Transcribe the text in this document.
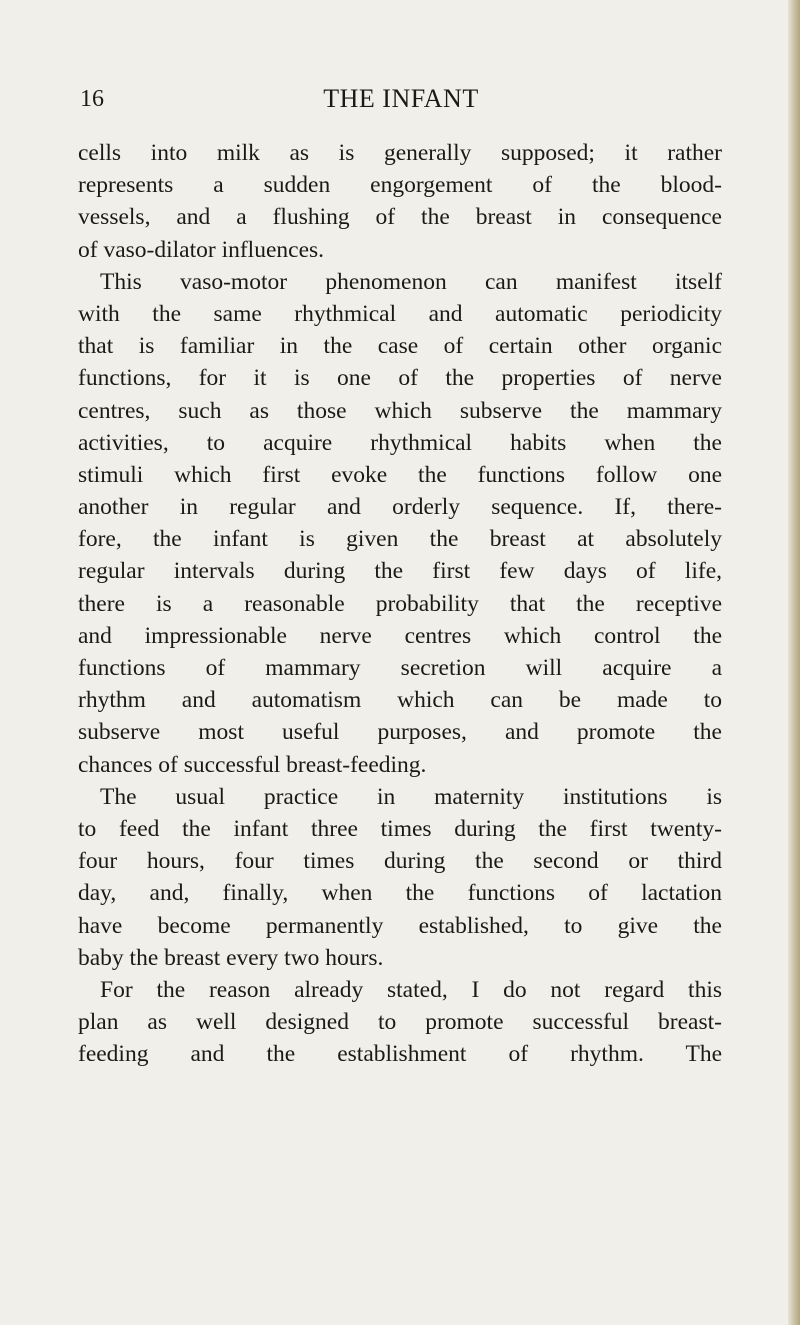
16	THE INFANT
cells into milk as is generally supposed; it rather
represents a sudden engorgement of the blood-
vessels, and a flushing of the breast in consequence
of vaso-dilator influences.
This vaso-motor phenomenon can manifest itself
with the same rhythmical and automatic periodicity
that is familiar in the case of certain other organic
functions, for it is one of the properties of nerve
centres, such as those which subserve the mammary
activities, to acquire rhythmical habits when the
stimuli which first evoke the functions follow one
another in regular and orderly sequence. If, there-
fore, the infant is given the breast at absolutely
regular intervals during the first few days of life,
there is a reasonable probability that the receptive
and impressionable nerve centres which control the
functions of mammary secretion will acquire a
rhythm and automatism which can be made to
subserve most useful purposes, and promote the
chances of successful breast-feeding.
The usual practice in maternity institutions is
to feed the infant three times during the first twenty-
four hours, four times during the second or third
day, and, finally, when the functions of lactation
have become permanently established, to give the
baby the breast every two hours.
For the reason already stated, I do not regard this
plan as well designed to promote successful breast-
feeding and the establishment of rhythm. The
